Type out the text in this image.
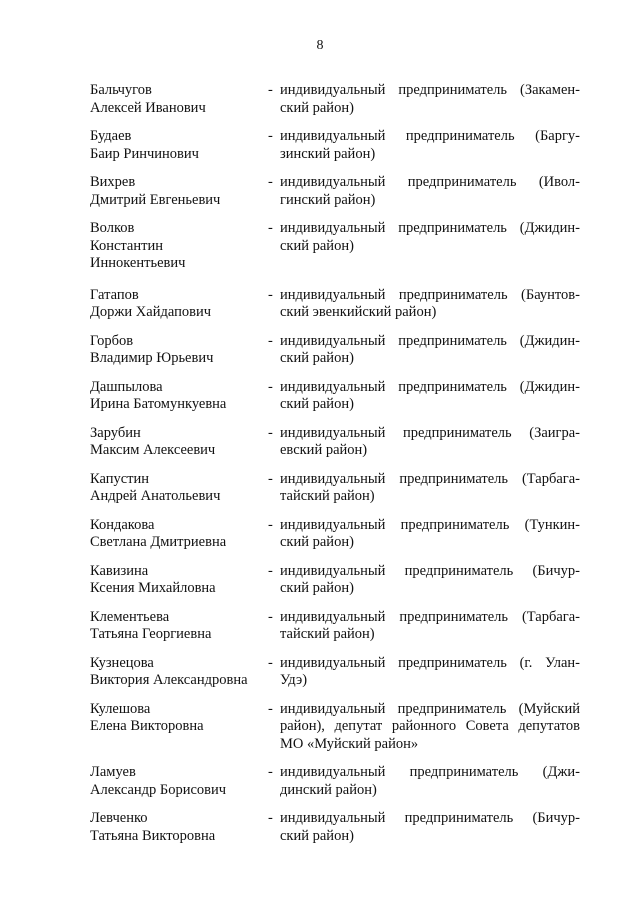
8
Бальчугов
Алексей Иванович
- индивидуальный предприниматель (Закамен-
ский район)
Будаев
Баир Ринчинович
- индивидуальный предприниматель (Баргу-
зинский район)
Вихрев
Дмитрий Евгеньевич
- индивидуальный предприниматель (Ивол-
гинский район)
Волков
Константин
Иннокентьевич
- индивидуальный предприниматель (Джидин-
ский район)
Гатапов
Доржи Хайдапович
- индивидуальный предприниматель (Баунтов-
ский эвенкийский район)
Горбов
Владимир Юрьевич
- индивидуальный предприниматель (Джидин-
ский район)
Дашпылова
Ирина Батомункуевна
- индивидуальный предприниматель (Джидин-
ский район)
Зарубин
Максим Алексеевич
- индивидуальный предприниматель (Заигра-
евский район)
Капустин
Андрей Анатольевич
- индивидуальный предприниматель (Тарбага-
тайский район)
Кондакова
Светлана Дмитриевна
- индивидуальный предприниматель (Тункин-
ский район)
Кавизина
Ксения Михайловна
- индивидуальный предприниматель (Бичур-
ский район)
Клементьева
Татьяна Георгиевна
- индивидуальный предприниматель (Тарбага-
тайский район)
Кузнецова
Виктория Александровна
- индивидуальный предприниматель (г. Улан-
Удэ)
Кулешова
Елена Викторовна
- индивидуальный предприниматель (Муйский
район), депутат районного Совета депутатов
МО «Муйский район»
Ламуев
Александр Борисович
- индивидуальный предприниматель (Джи-
динский район)
Левченко
Татьяна Викторовна
- индивидуальный предприниматель (Бичур-
ский район)
